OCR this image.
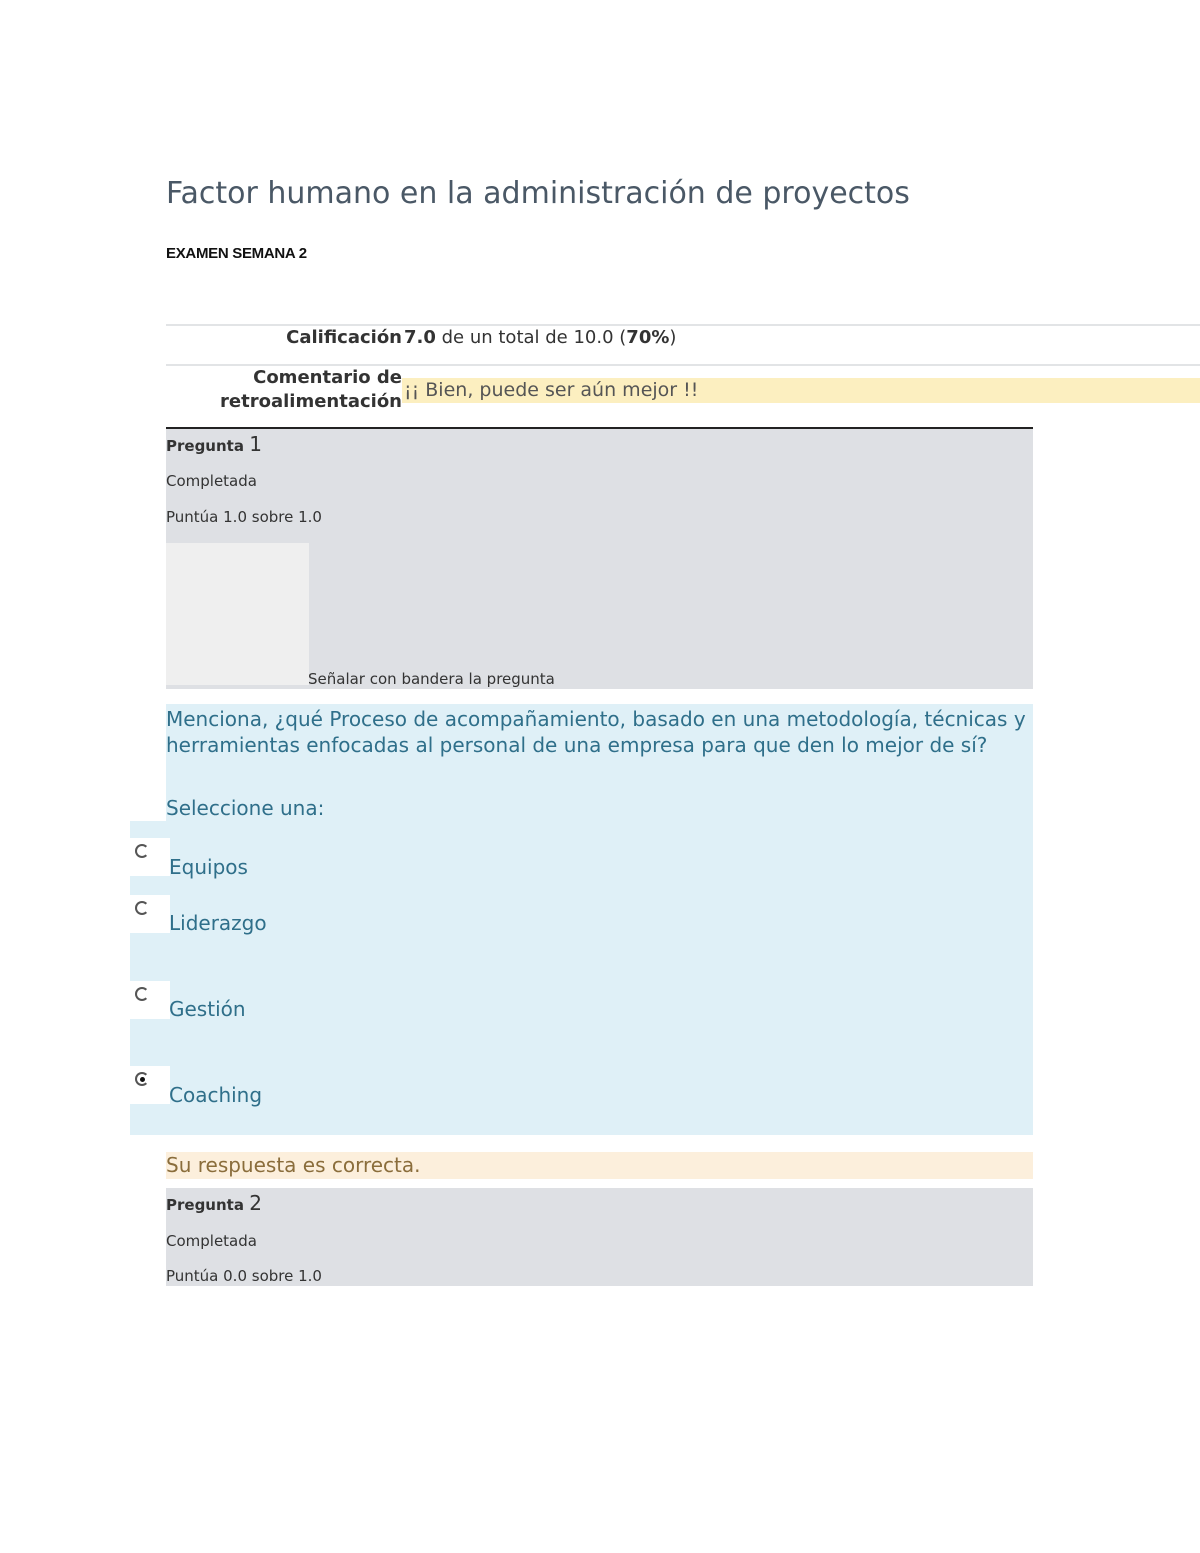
Factor humano en la administración de proyectos
EXAMEN SEMANA 2
Calificación 7.0 de un total de 10.0 (70%)
Comentario de
retroalimentación
¡¡ Bien, puede ser aún mejor !!
Pregunta 1
Completada
Puntúa 1.0 sobre 1.0
Señalar con bandera la pregunta
Menciona, ¿qué Proceso de acompañamiento, basado en una metodología, técnicas y herramientas enfocadas al personal de una empresa para que den lo mejor de sí?
Seleccione una:
Equipos
Liderazgo
Gestión
Coaching
Su respuesta es correcta.
Pregunta 2
Completada
Puntúa 0.0 sobre 1.0
